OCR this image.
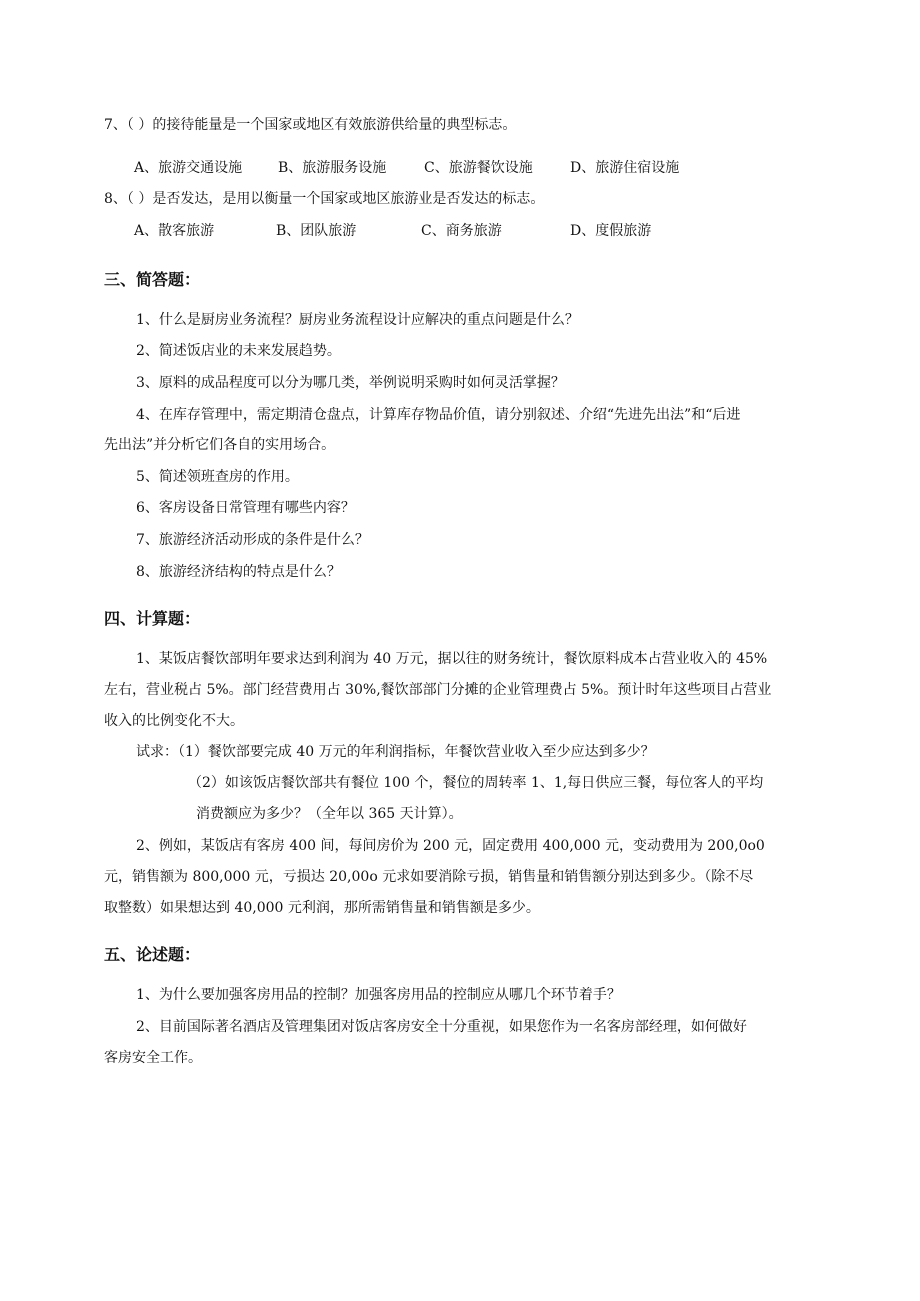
7、（ ）的接待能量是一个国家或地区有效旅游供给量的典型标志。
A、旅游交通设施	B、旅游服务设施	C、旅游餐饮设施	D、旅游住宿设施
8、（ ）是否发达，是用以衡量一个国家或地区旅游业是否发达的标志。
A、散客旅游	B、团队旅游	C、商务旅游	D、度假旅游
三、简答题：
1、什么是厨房业务流程？厨房业务流程设计应解决的重点问题是什么？
2、简述饭店业的未来发展趋势。
3、原料的成品程度可以分为哪几类，举例说明采购时如何灵活掌握？
4、在库存管理中，需定期清仓盘点，计算库存物品价值，请分别叙述、介绍“先进先出法”和“后进
先出法”并分析它们各自的实用场合。
5、简述领班查房的作用。
6、客房设备日常管理有哪些内容？
7、旅游经济活动形成的条件是什么？
8、旅游经济结构的特点是什么？
四、计算题：
1、某饭店餐饮部明年要求达到利润为 40 万元，据以往的财务统计，餐饮原料成本占营业收入的 45%
左右，营业税占 5%。部门经营费用占 30%,餐饮部部门分摊的企业管理费占 5%。预计时年这些项目占营业
收入的比例变化不大。
试求：（1）餐饮部要完成 40 万元的年利润指标，年餐饮营业收入至少应达到多少？
（2）如该饭店餐饮部共有餐位 100 个，餐位的周转率 1、1,每日供应三餐，每位客人的平均
消费额应为多少？（全年以 365 天计算）。
2、例如，某饭店有客房 400 间，每间房价为 200 元，固定费用 400,000 元，变动费用为 200,0o0
元，销售额为 800,000 元，亏损达 20,00o 元求如要消除亏损，销售量和销售额分别达到多少。（除不尽
取整数）如果想达到 40,000 元利润，那所需销售量和销售额是多少。
五、论述题：
1、为什么要加强客房用品的控制？加强客房用品的控制应从哪几个环节着手？
2、目前国际著名酒店及管理集团对饭店客房安全十分重视，如果您作为一名客房部经理，如何做好
客房安全工作。
